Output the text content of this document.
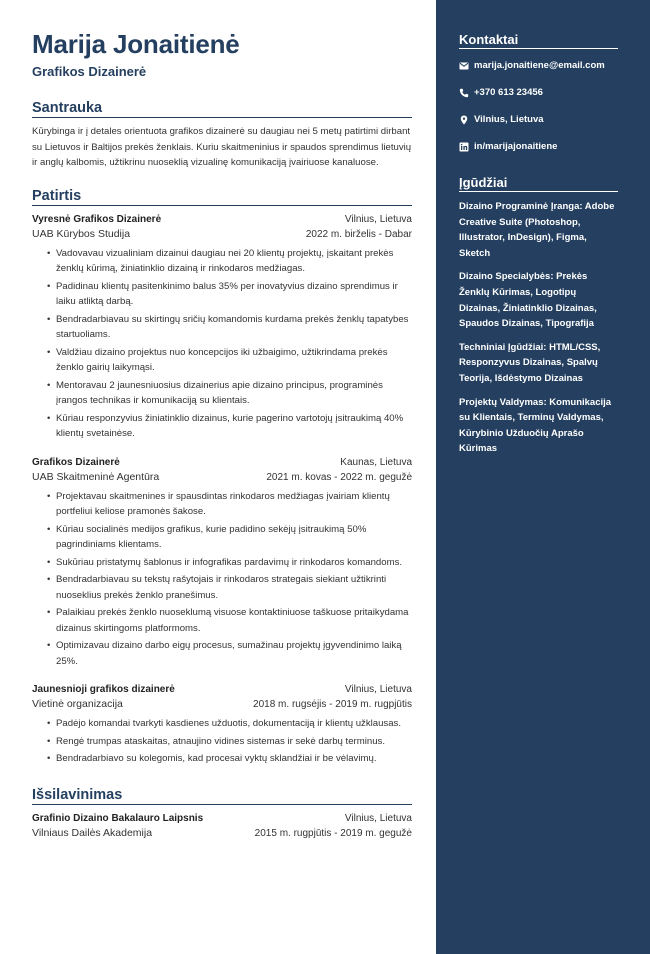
Marija Jonaitienė
Grafikos Dizainerė
Santrauka
Kūrybinga ir į detales orientuota grafikos dizainerė su daugiau nei 5 metų patirtimi dirbant su Lietuvos ir Baltijos prekės ženklais. Kuriu skaitmeninius ir spaudos sprendimus lietuvių ir anglų kalbomis, užtikrinu nuoseklią vizualinę komunikaciją įvairiuose kanaluose.
Patirtis
Vyresnė Grafikos Dizainerė	Vilnius, Lietuva
UAB Kūrybos Studija	2022 m. birželis - Dabar
• Vadovavau vizualiniam dizainui daugiau nei 20 klientų projektų, įskaitant prekės ženklų kūrimą, žiniatinklio dizainą ir rinkodaros medžiagas.
• Padidinau klientų pasitenkinimo balus 35% per inovatyvius dizaino sprendimus ir laiku atliktą darbą.
• Bendradarbiavau su skirtingų sričių komandomis kurdama prekės ženklų tapatybes startuoliams.
• Valdžiau dizaino projektus nuo koncepcijos iki užbaigimo, užtikrindama prekės ženklo gairių laikymąsi.
• Mentoravau 2 jaunesniuosius dizainerius apie dizaino principus, programinės įrangos technikas ir komunikaciją su klientais.
• Kūriau responzyvius žiniatinklio dizainus, kurie pagerino vartotojų įsitraukimą 40% klientų svetainėse.
Grafikos Dizainerė	Kaunas, Lietuva
UAB Skaitmeninė Agentūra	2021 m. kovas - 2022 m. gegužė
• Projektavau skaitmenines ir spausdintas rinkodaros medžiagas įvairiam klientų portfeliui keliose pramonės šakose.
• Kūriau socialinės medijos grafikus, kurie padidino sekėjų įsitraukimą 50% pagrindiniams klientams.
• Sukūriau pristatymų šablonus ir infografikas pardavimų ir rinkodaros komandoms.
• Bendradarbiavau su tekstų rašytojais ir rinkodaros strategais siekiant užtikrinti nuoseklius prekės ženklo pranešimus.
• Palaikiau prekės ženklo nuoseklumą visuose kontaktiniuose taškuose pritaikydama dizainus skirtingoms platformoms.
• Optimizavau dizaino darbo eigų procesus, sumažinau projektų įgyvendinimo laiką 25%.
Jaunesnioji grafikos dizainerė	Vilnius, Lietuva
Vietinė organizacija	2018 m. rugsėjis - 2019 m. rugpjūtis
• Padėjo komandai tvarkyti kasdienes užduotis, dokumentaciją ir klientų užklausas.
• Rengė trumpas ataskaitas, atnaujino vidines sistemas ir sekė darbų terminus.
• Bendradarbiavo su kolegomis, kad procesai vyktų sklandžiai ir be vėlavimų.
Išsilavinimas
Grafinio Dizaino Bakalauro Laipsnis	Vilnius, Lietuva
Vilniaus Dailės Akademija	2015 m. rugpjūtis - 2019 m. gegužė
Kontaktai
marija.jonaitiene@email.com
+370 613 23456
Vilnius, Lietuva
in/marijajonaitiene
Įgūdžiai
Dizaino Programinė Įranga: Adobe Creative Suite (Photoshop, Illustrator, InDesign), Figma, Sketch
Dizaino Specialybės: Prekės Ženklų Kūrimas, Logotipų Dizainas, Žiniatinklio Dizainas, Spaudos Dizainas, Tipografija
Techniniai Įgūdžiai: HTML/CSS, Responzyvus Dizainas, Spalvų Teorija, Išdėstymo Dizainas
Projektų Valdymas: Komunikacija su Klientais, Terminų Valdymas, Kūrybinio Užduočių Aprašo Kūrimas
